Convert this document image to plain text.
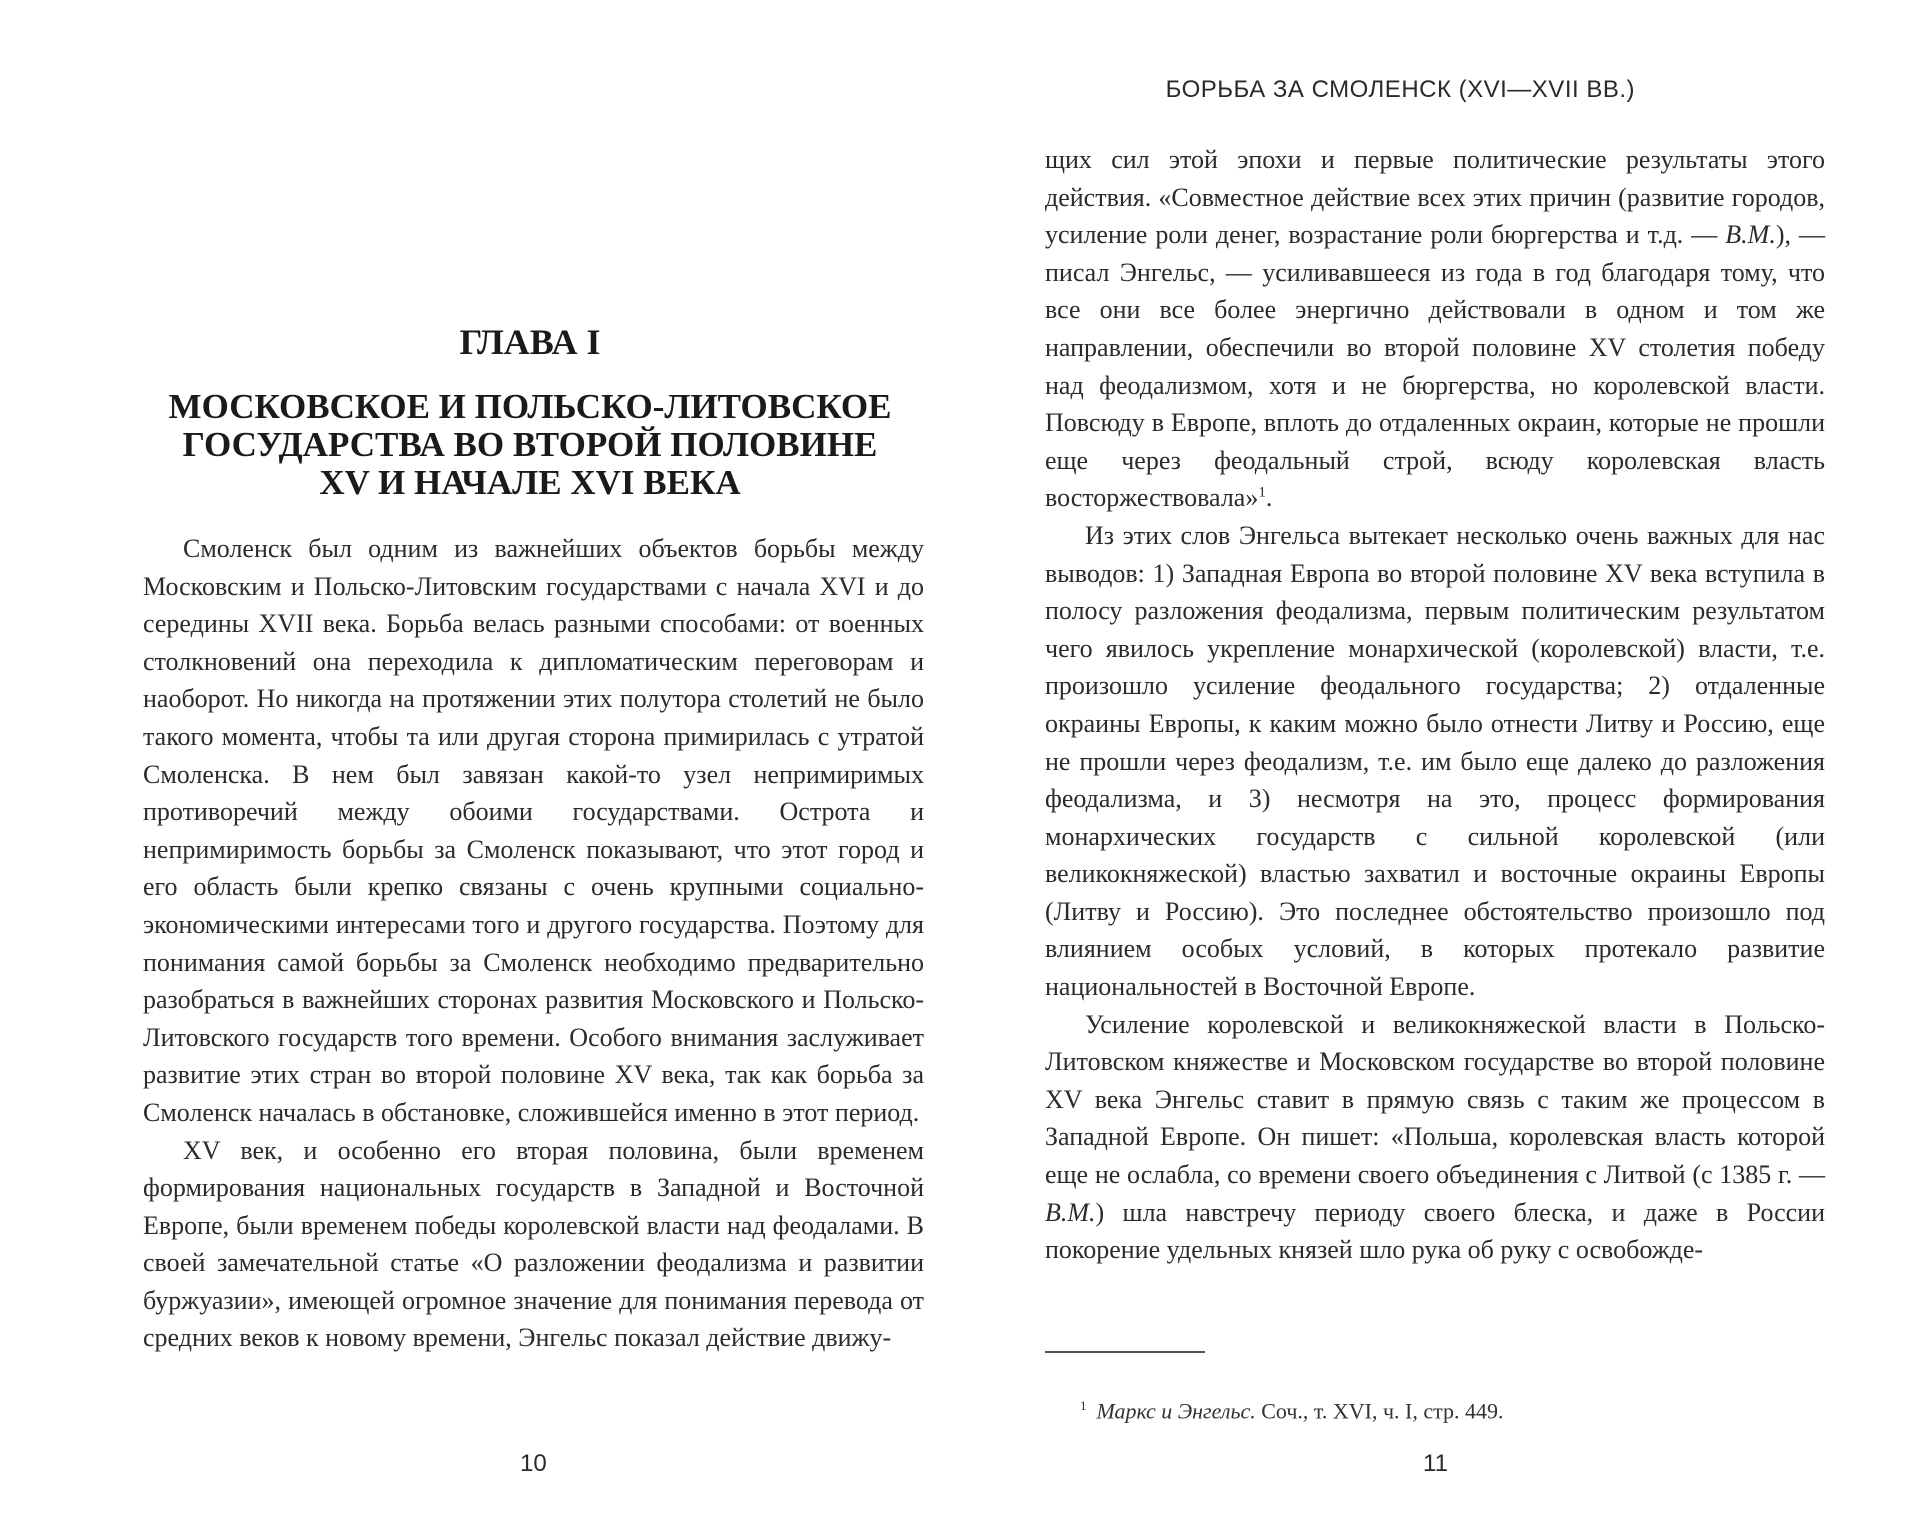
ГЛАВА I
МОСКОВСКОЕ И ПОЛЬСКО-ЛИТОВСКОЕ
ГОСУДАРСТВА ВО ВТОРОЙ ПОЛОВИНЕ
XV И НАЧАЛЕ XVI ВЕКА

Смоленск был одним из важнейших объектов борьбы между Московским и Польско-Литовским государствами с начала XVI и до середины XVII века. Борьба велась разными способами: от военных столкновений она переходила к дипломатическим переговорам и наоборот. Но никогда на протяжении этих полутора столетий не было такого момента, чтобы та или другая сторона примирилась с утратой Смоленска. В нем был завязан какой-то узел непримиримых противоречий между обоими государствами. Острота и непримиримость борьбы за Смоленск показывают, что этот город и его область были крепко связаны с очень крупными социально-экономическими интересами того и другого государства. Поэтому для понимания самой борьбы за Смоленск необходимо предварительно разобраться в важнейших сторонах развития Московского и Польско-Литовского государств того времени. Особого внимания заслуживает развитие этих стран во второй половине XV века, так как борьба за Смоленск началась в обстановке, сложившейся именно в этот период.

XV век, и особенно его вторая половина, были временем формирования национальных государств в Западной и Восточной Европе, были временем победы королевской власти над феодалами. В своей замечательной статье «О разложении феодализма и развитии буржуазии», имеющей огромное значение для понимания перевода от средних веков к новому времени, Энгельс показал действие движу-

10
БОРЬБА ЗА СМОЛЕНСК (XVI—XVII ВВ.)

щих сил этой эпохи и первые политические результаты этого действия. «Совместное действие всех этих причин (развитие городов, усиление роли денег, возрастание роли бюргерства и т.д. — В.М.), — писал Энгельс, — усиливавшееся из года в год благодаря тому, что все они все более энергично действовали в одном и том же направлении, обеспечили во второй половине XV столетия победу над феодализмом, хотя и не бюргерства, но королевской власти. Повсюду в Европе, вплоть до отдаленных окраин, которые не прошли еще через феодальный строй, всюду королевская власть восторжествовала»$^1$.

Из этих слов Энгельса вытекает несколько очень важных для нас выводов: 1) Западная Европа во второй половине XV века вступила в полосу разложения феодализма, первым политическим результатом чего явилось укрепление монархической (королевской) власти, т.е. произошло усиление феодального государства; 2) отдаленные окраины Европы, к каким можно было отнести Литву и Россию, еще не прошли через феодализм, т.е. им было еще далеко до разложения феодализма, и 3) несмотря на это, процесс формирования монархических государств с сильной королевской (или великокняжеской) властью захватил и восточные окраины Европы (Литву и Россию). Это последнее обстоятельство произошло под влиянием особых условий, в которых протекало развитие национальностей в Восточной Европе.

Усиление королевской и великокняжеской власти в Польско-Литовском княжестве и Московском государстве во второй половине XV века Энгельс ставит в прямую связь с таким же процессом в Западной Европе. Он пишет: «Польша, королевская власть которой еще не ослабла, со времени своего объединения с Литвой (с 1385 г. — В.М.) шла навстречу периоду своего блеска, и даже в России покорение удельных князей шло рука об руку с освобожде-

$^1$ Маркс и Энгельс. Соч., т. XVI, ч. I, стр. 449.
11
